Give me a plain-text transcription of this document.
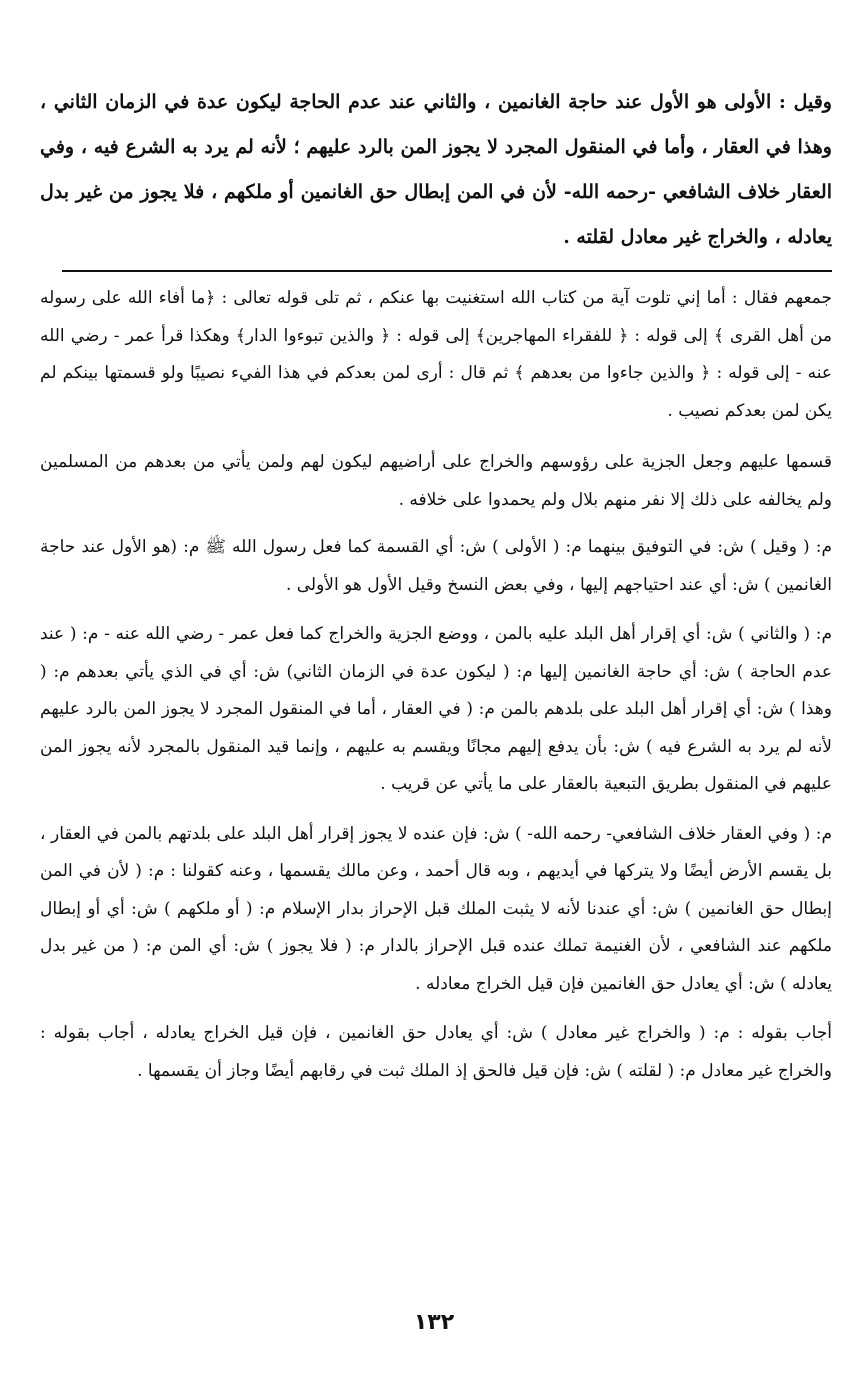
وقيل : الأولى هو الأول عند حاجة الغانمين ، والثاني عند عدم الحاجة ليكون عدة في الزمان الثاني ، وهذا في العقار ، وأما في المنقول المجرد لا يجوز المن بالرد عليهم ؛ لأنه لم يرد به الشرع فيه ، وفي العقار خلاف الشافعي -رحمه الله- لأن في المن إبطال حق الغانمين أو ملكهم ، فلا يجوز من غير بدل يعادله ، والخراج غير معادل لقلته .

جمعهم فقال : أما إني تلوت آية من كتاب الله استغنيت بها عنكم ، ثم تلى قوله تعالى : ﴿ما أفاء الله على رسوله من أهل القرى ﴾ إلى قوله : ﴿ للفقراء المهاجرين﴾ إلى قوله : ﴿ والذين تبوءوا الدار﴾ وهكذا قرأ عمر - رضي الله عنه - إلى قوله : ﴿ والذين جاءوا من بعدهم ﴾ ثم قال : أرى لمن بعدكم في هذا الفيء نصيبًا ولو قسمتها بينكم لم يكن لمن بعدكم نصيب .

قسمها عليهم وجعل الجزية على رؤوسهم والخراج على أراضيهم ليكون لهم ولمن يأتي من بعدهم من المسلمين ولم يخالفه على ذلك إلا نفر منهم بلال ولم يحمدوا على خلافه .

م: ( وقيل ) ش: في التوفيق بينهما م: ( الأولى ) ش: أي القسمة كما فعل رسول الله ﷺ م: (هو الأول عند حاجة الغانمين ) ش: أي عند احتياجهم إليها ، وفي بعض النسخ وقيل الأول هو الأولى .

م: ( والثاني ) ش: أي إقرار أهل البلد عليه بالمن ، ووضع الجزية والخراج كما فعل عمر - رضي الله عنه - م: ( عند عدم الحاجة ) ش: أي حاجة الغانمين إليها م: ( ليكون عدة في الزمان الثاني) ش: أي في الذي يأتي بعدهم م: ( وهذا ) ش: أي إقرار أهل البلد على بلدهم بالمن م: ( في العقار ، أما في المنقول المجرد لا يجوز المن بالرد عليهم لأنه لم يرد به الشرع فيه ) ش: بأن يدفع إليهم مجانًا ويقسم به عليهم ، وإنما قيد المنقول بالمجرد لأنه يجوز المن عليهم في المنقول بطريق التبعية بالعقار على ما يأتي عن قريب .

م: ( وفي العقار خلاف الشافعي- رحمه الله- ) ش: فإن عنده لا يجوز إقرار أهل البلد على بلدتهم بالمن في العقار ، بل يقسم الأرض أيضًا ولا يتركها في أيديهم ، وبه قال أحمد ، وعن مالك يقسمها ، وعنه كقولنا : م: ( لأن في المن إبطال حق الغانمين ) ش: أي عندنا لأنه لا يثبت الملك قبل الإحراز بدار الإسلام م: ( أو ملكهم ) ش: أي أو إبطال ملكهم عند الشافعي ، لأن الغنيمة تملك عنده قبل الإحراز بالدار م: ( فلا يجوز ) ش: أي المن م: ( من غير بدل يعادله ) ش: أي يعادل حق الغانمين فإن قيل الخراج معادله .

أجاب بقوله : م: ( والخراج غير معادل ) ش: أي يعادل حق الغانمين ، فإن قيل الخراج يعادله ، أجاب بقوله : والخراج غير معادل م: ( لقلته ) ش: فإن قيل فالحق إذ الملك ثبت في رقابهم أيضًا وجاز أن يقسمها .

١٣٢
